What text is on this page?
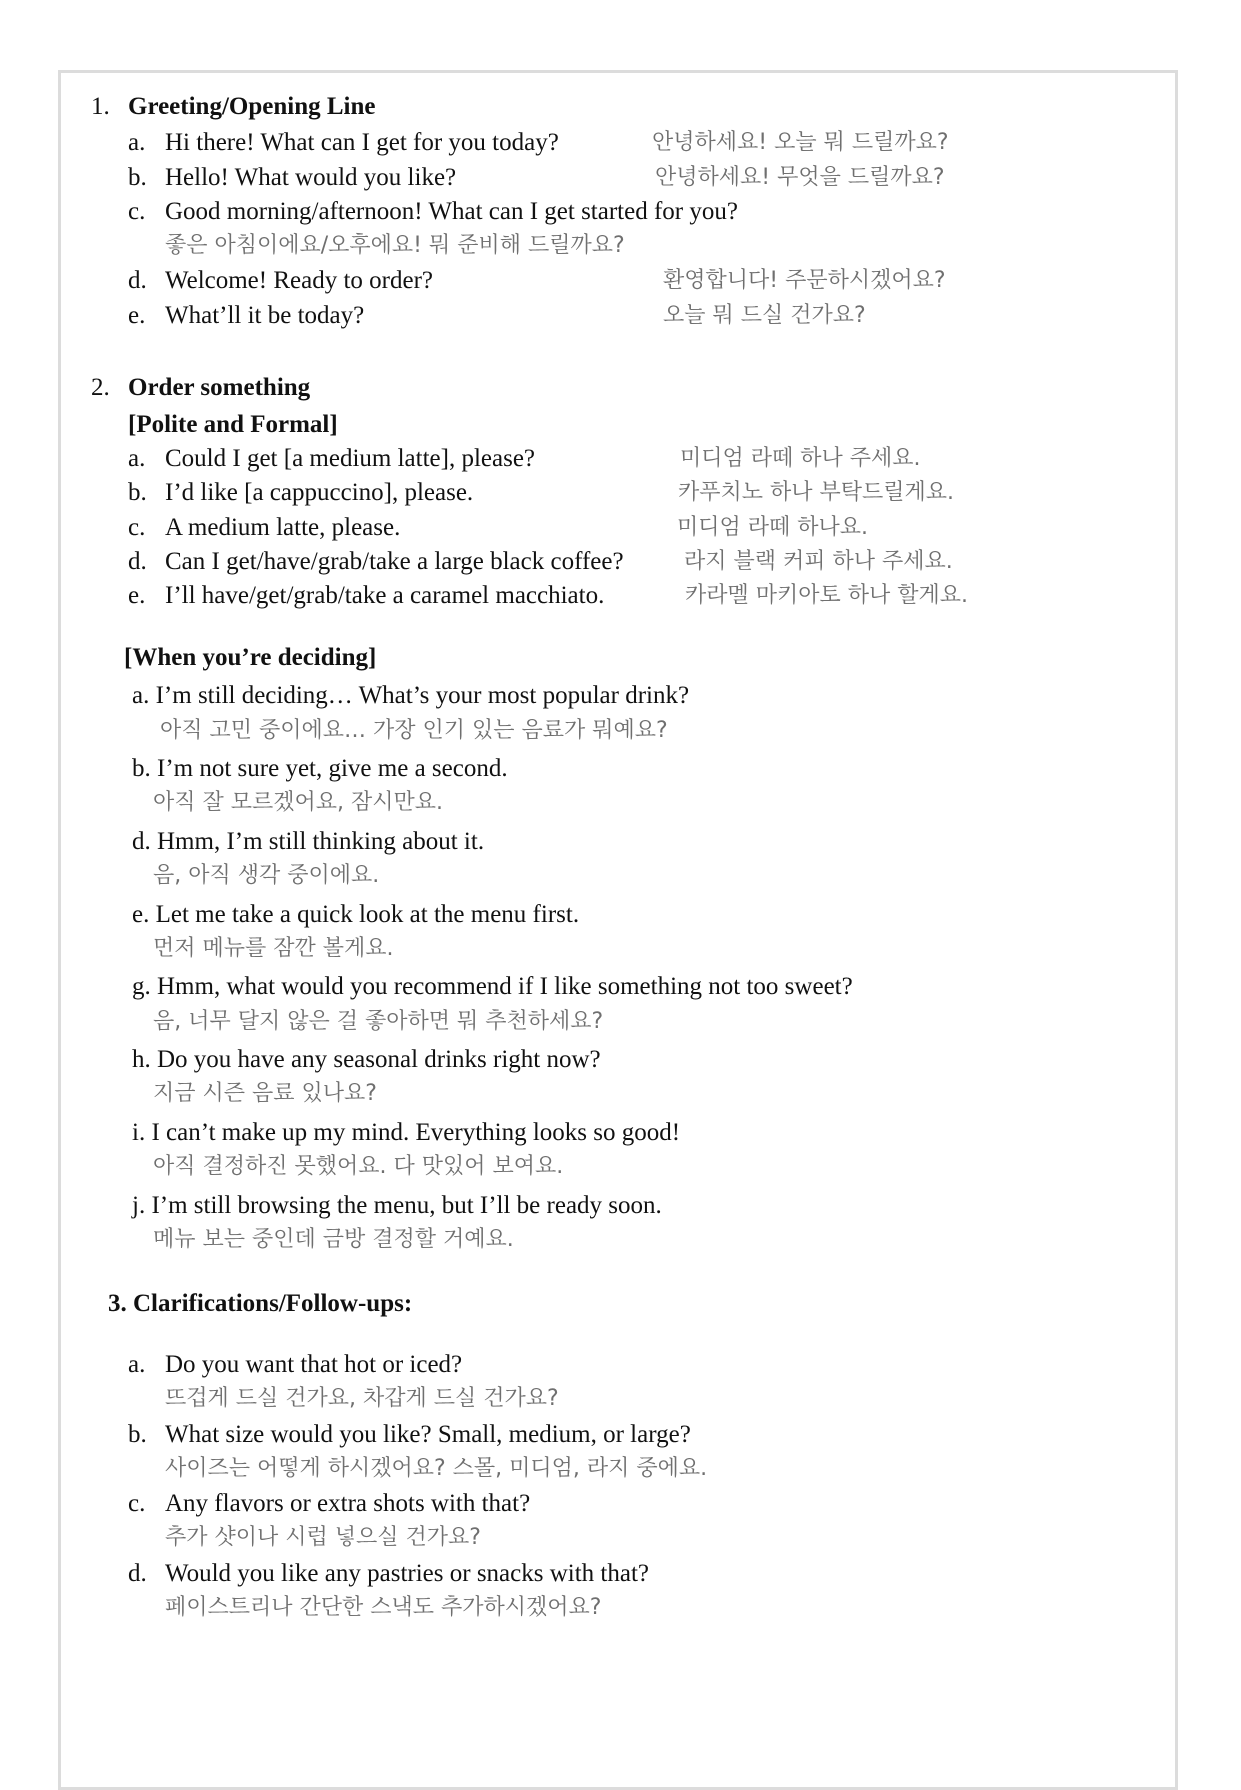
1. Greeting/Opening Line
a. Hi there! What can I get for you today?	안녕하세요! 오늘 뭐 드릴까요?
b. Hello! What would you like?	안녕하세요! 무엇을 드릴까요?
c. Good morning/afternoon! What can I get started for you?
좋은 아침이에요/오후에요! 뭐 준비해 드릴까요?
d. Welcome! Ready to order?	환영합니다! 주문하시겠어요?
e. What’ll it be today?	오늘 뭐 드실 건가요?
2. Order something
[Polite and Formal]
a. Could I get [a medium latte], please?	미디엄 라떼 하나 주세요.
b. I’d like [a cappuccino], please.	카푸치노 하나 부탁드릴게요.
c. A medium latte, please.	미디엄 라떼 하나요.
d. Can I get/have/grab/take a large black coffee?	라지 블랙 커피 하나 주세요.
e. I’ll have/get/grab/take a caramel macchiato.	카라멜 마키아토 하나 할게요.
[When you’re deciding]
a. I’m still deciding… What’s your most popular drink?
아직 고민 중이에요… 가장 인기 있는 음료가 뭐예요?
b. I’m not sure yet, give me a second.
아직 잘 모르겠어요, 잠시만요.
d. Hmm, I’m still thinking about it.
음, 아직 생각 중이에요.
e. Let me take a quick look at the menu first.
먼저 메뉴를 잠깐 볼게요.
g. Hmm, what would you recommend if I like something not too sweet?
음, 너무 달지 않은 걸 좋아하면 뭐 추천하세요?
h. Do you have any seasonal drinks right now?
지금 시즌 음료 있나요?
i. I can’t make up my mind. Everything looks so good!
아직 결정하진 못했어요. 다 맛있어 보여요.
j. I’m still browsing the menu, but I’ll be ready soon.
메뉴 보는 중인데 금방 결정할 거예요.
3. Clarifications/Follow-ups:
a. Do you want that hot or iced?
뜨겁게 드실 건가요, 차갑게 드실 건가요?
b. What size would you like? Small, medium, or large?
사이즈는 어떻게 하시겠어요? 스몰, 미디엄, 라지 중에요.
c. Any flavors or extra shots with that?
추가 샷이나 시럽 넣으실 건가요?
d. Would you like any pastries or snacks with that?
페이스트리나 간단한 스낵도 추가하시겠어요?
